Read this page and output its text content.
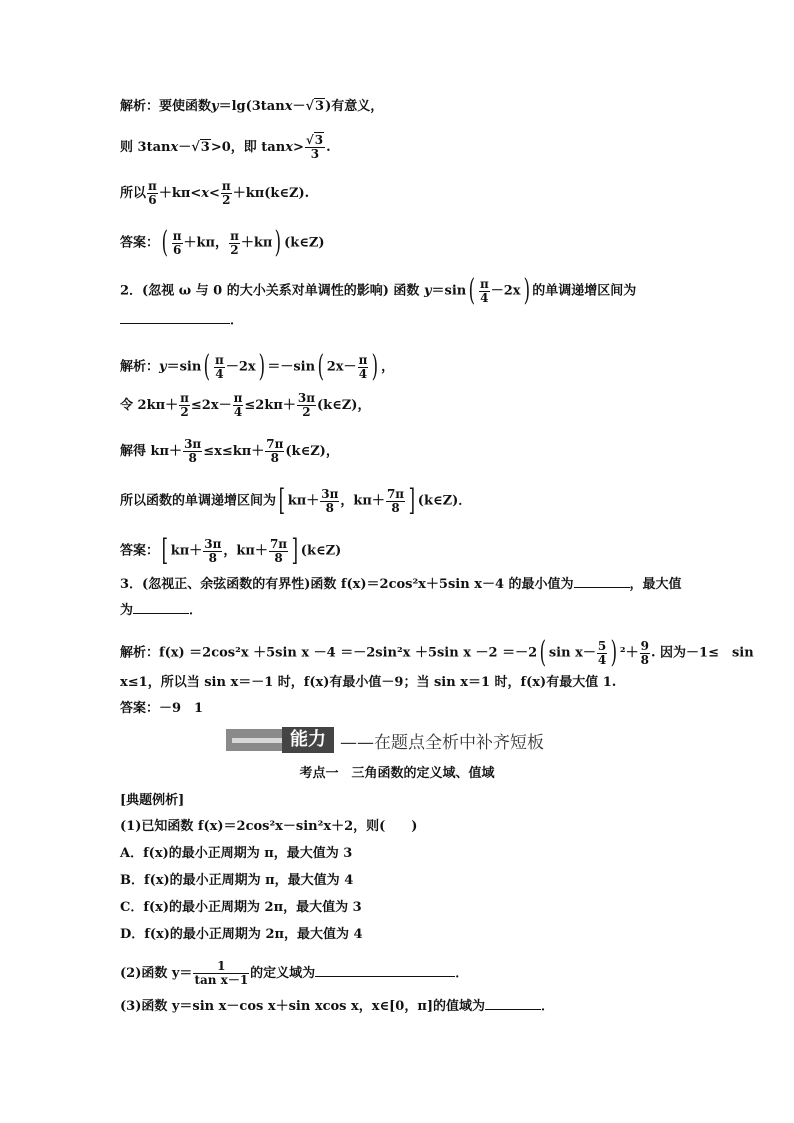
解析：要使函数y＝lg(3tanx－√3)有意义，
则 3tanx－√3>0，即 $\tan x> \frac{√3}{3}$ .
所以 $\frac{\pi}{6} +k\pi<x< \frac{\pi}{2}$ ＋kπ(k∈Z).
答案：( $\frac{\pi}{6} +k\pi$， $\frac{\pi}{2} +k\pi$) (k∈Z)
2．(忽视 ω 与 0 的大小关系对单调性的影响) 函数 $y=\sin( \frac{\pi}{4} -2x)$ 的单调递增区间为
．
解析：$y=\sin( \frac{\pi}{4} -2x) =-\sin$( $2x- \frac{\pi}{4}$ ) ，
令 $2k\pi+ \frac{\pi}{2} \le 2x- \frac{\pi}{4} \le 2k\pi+ \frac{3\pi}{2}$ (k∈Z)，
解得 $k\pi+ \frac{3\pi}{8} \le x\le k\pi+ \frac{7\pi}{8}$ (k∈Z)，
所以函数的单调递增区间为[ $k\pi+ \frac{3\pi}{8}$ ，$k\pi+ \frac{7\pi}{8}$ ] (k∈Z)．
答案：[ $k\pi+ \frac{3\pi}{8}$ ，$k\pi+ \frac{7\pi}{8}$ ] (k∈Z)
3．(忽视正、余弦函数的有界性)函数 f(x)＝2cos²x＋5sin x－4 的最小值为	，最大值
为	．
解析：f(x) ＝2cos²x ＋5sin x －4 ＝－2sin²x ＋5sin x －2 ＝－2( $\sin x- \frac{5}{4}$ ) $^2+ \frac{9}{8}$ . 因为－1≤　sin
x≤1，所以当 sin x＝－1 时，f(x)有最小值－9；当 sin x＝1 时，f(x)有最大值 1.
答案：－9　1
能力 ——在题点全析中补齐短板
考点一　三角函数的定义域、值域
[典题例析]
(1)已知函数 f(x)＝2cos²x－sin²x＋2，则(　　)
A．f(x)的最小正周期为 π，最大值为 3
B．f(x)的最小正周期为 π，最大值为 4
C．f(x)的最小正周期为 2π，最大值为 3
D．f(x)的最小正周期为 2π，最大值为 4
(2)函数 $y= \frac{1}{\text{tan x－1}}$ 的定义域为	．
(3)函数 y＝sin x－cos x＋sin xcos x，x∈[0，π]的值域为	．
